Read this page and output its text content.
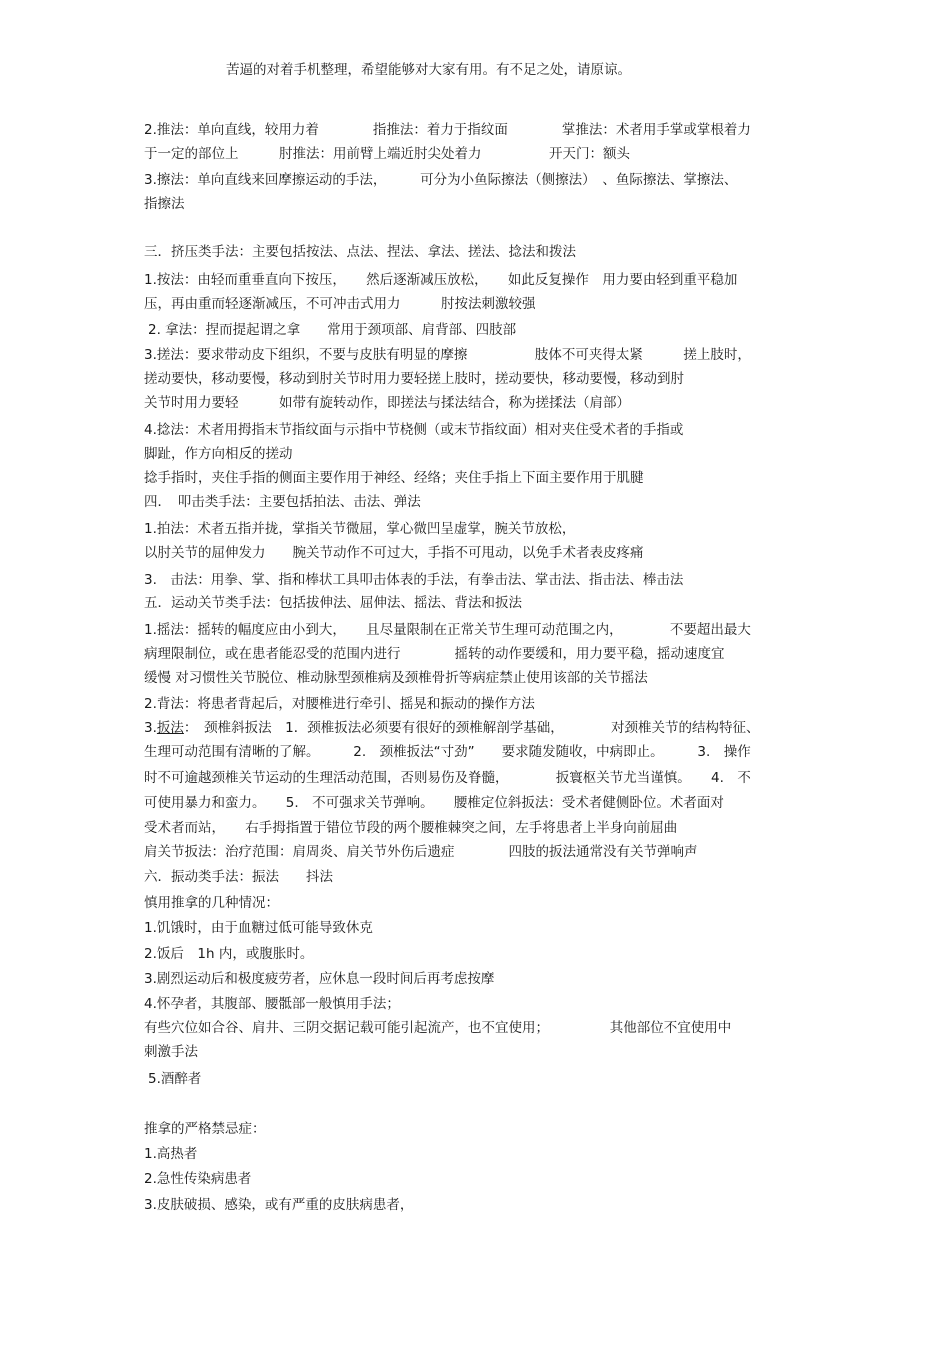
苦逼的对着手机整理，希望能够对大家有用。有不足之处，请原谅。
2.推法：单向直线，较用力着　　　　指推法：着力于指纹面　　　　掌推法：术者用手掌或掌根着力
于一定的部位上　　　肘推法：用前臂上端近肘尖处着力　　　　　开天门：额头
3.擦法：单向直线来回摩擦运动的手法，　　　可分为小鱼际擦法（侧擦法）　、鱼际擦法、掌擦法、
指擦法
三．挤压类手法：主要包括按法、点法、捏法、拿法、搓法、捻法和拨法
1.按法：由轻而重垂直向下按压，　　然后逐渐减压放松，　　如此反复操作　用力要由轻到重平稳加
压，再由重而轻逐渐减压，不可冲击式用力　　　肘按法刺激较强
2. 拿法：捏而提起谓之拿　　常用于颈项部、肩背部、四肢部
3.搓法：要求带动皮下组织，不要与皮肤有明显的摩擦　　　　　肢体不可夹得太紧　　　搓上肢时，
搓动要快，移动要慢，移动到肘关节时用力要轻搓上肢时，搓动要快，移动要慢，移动到肘
关节时用力要轻　　　如带有旋转动作，即搓法与揉法结合，称为搓揉法（肩部）
4.捻法：术者用拇指末节指纹面与示指中节桡侧（或末节指纹面）相对夹住受术者的手指或
脚趾，作方向相反的搓动
捻手指时，夹住手指的侧面主要作用于神经、经络；夹住手指上下面主要作用于肌腱
四．　叩击类手法：主要包括拍法、击法、弹法
1.拍法：术者五指并拢，掌指关节微屈，掌心微凹呈虚掌，腕关节放松，
以肘关节的屈伸发力　　腕关节动作不可过大，手指不可甩动，以免手术者表皮疼痛
3.　击法：用拳、掌、指和棒状工具叩击体表的手法，有拳击法、掌击法、指击法、棒击法
五．运动关节类手法：包括拔伸法、屈伸法、摇法、背法和扳法
1.摇法：摇转的幅度应由小到大，　　且尽量限制在正常关节生理可动范围之内，　　　　不要超出最大
病理限制位，或在患者能忍受的范围内进行　　　　摇转的动作要缓和，用力要平稳，摇动速度宜
缓慢 对习惯性关节脱位、椎动脉型颈椎病及颈椎骨折等病症禁止使用该部的关节摇法
2.背法：将患者背起后，对腰椎进行牵引、摇晃和振动的操作方法
3.扳法：　颈椎斜扳法　1．颈椎扳法必须要有很好的颈椎解剖学基础，　　　　对颈椎关节的结构特征、
生理可动范围有清晰的了解。　　　2.　颈椎扳法“寸劲”　　要求随发随收，中病即止。　　　3.　操作
时不可逾越颈椎关节运动的生理活动范围，否则易伤及脊髓，　　　　扳寰枢关节尤当谨慎。　　4.　不
可使用暴力和蛮力。　　5.　不可强求关节弹响。　　腰椎定位斜扳法：受术者健侧卧位。术者面对
受术者而站，　　右手拇指置于错位节段的两个腰椎棘突之间，左手将患者上半身向前屈曲
肩关节扳法：治疗范围：肩周炎、肩关节外伤后遗症　　　　四肢的扳法通常没有关节弹响声
六．振动类手法：振法　　抖法
慎用推拿的几种情况：
1.饥饿时，由于血糖过低可能导致休克
2.饭后　1h 内，或腹胀时。
3.剧烈运动后和极度疲劳者，应休息一段时间后再考虑按摩
4.怀孕者，其腹部、腰骶部一般慎用手法；
有些穴位如合谷、肩井、三阴交据记载可能引起流产，也不宜使用；　　　　　其他部位不宜使用中
刺激手法
5.酒醉者
推拿的严格禁忌症：
1.高热者
2.急性传染病患者
3.皮肤破损、感染，或有严重的皮肤病患者，
